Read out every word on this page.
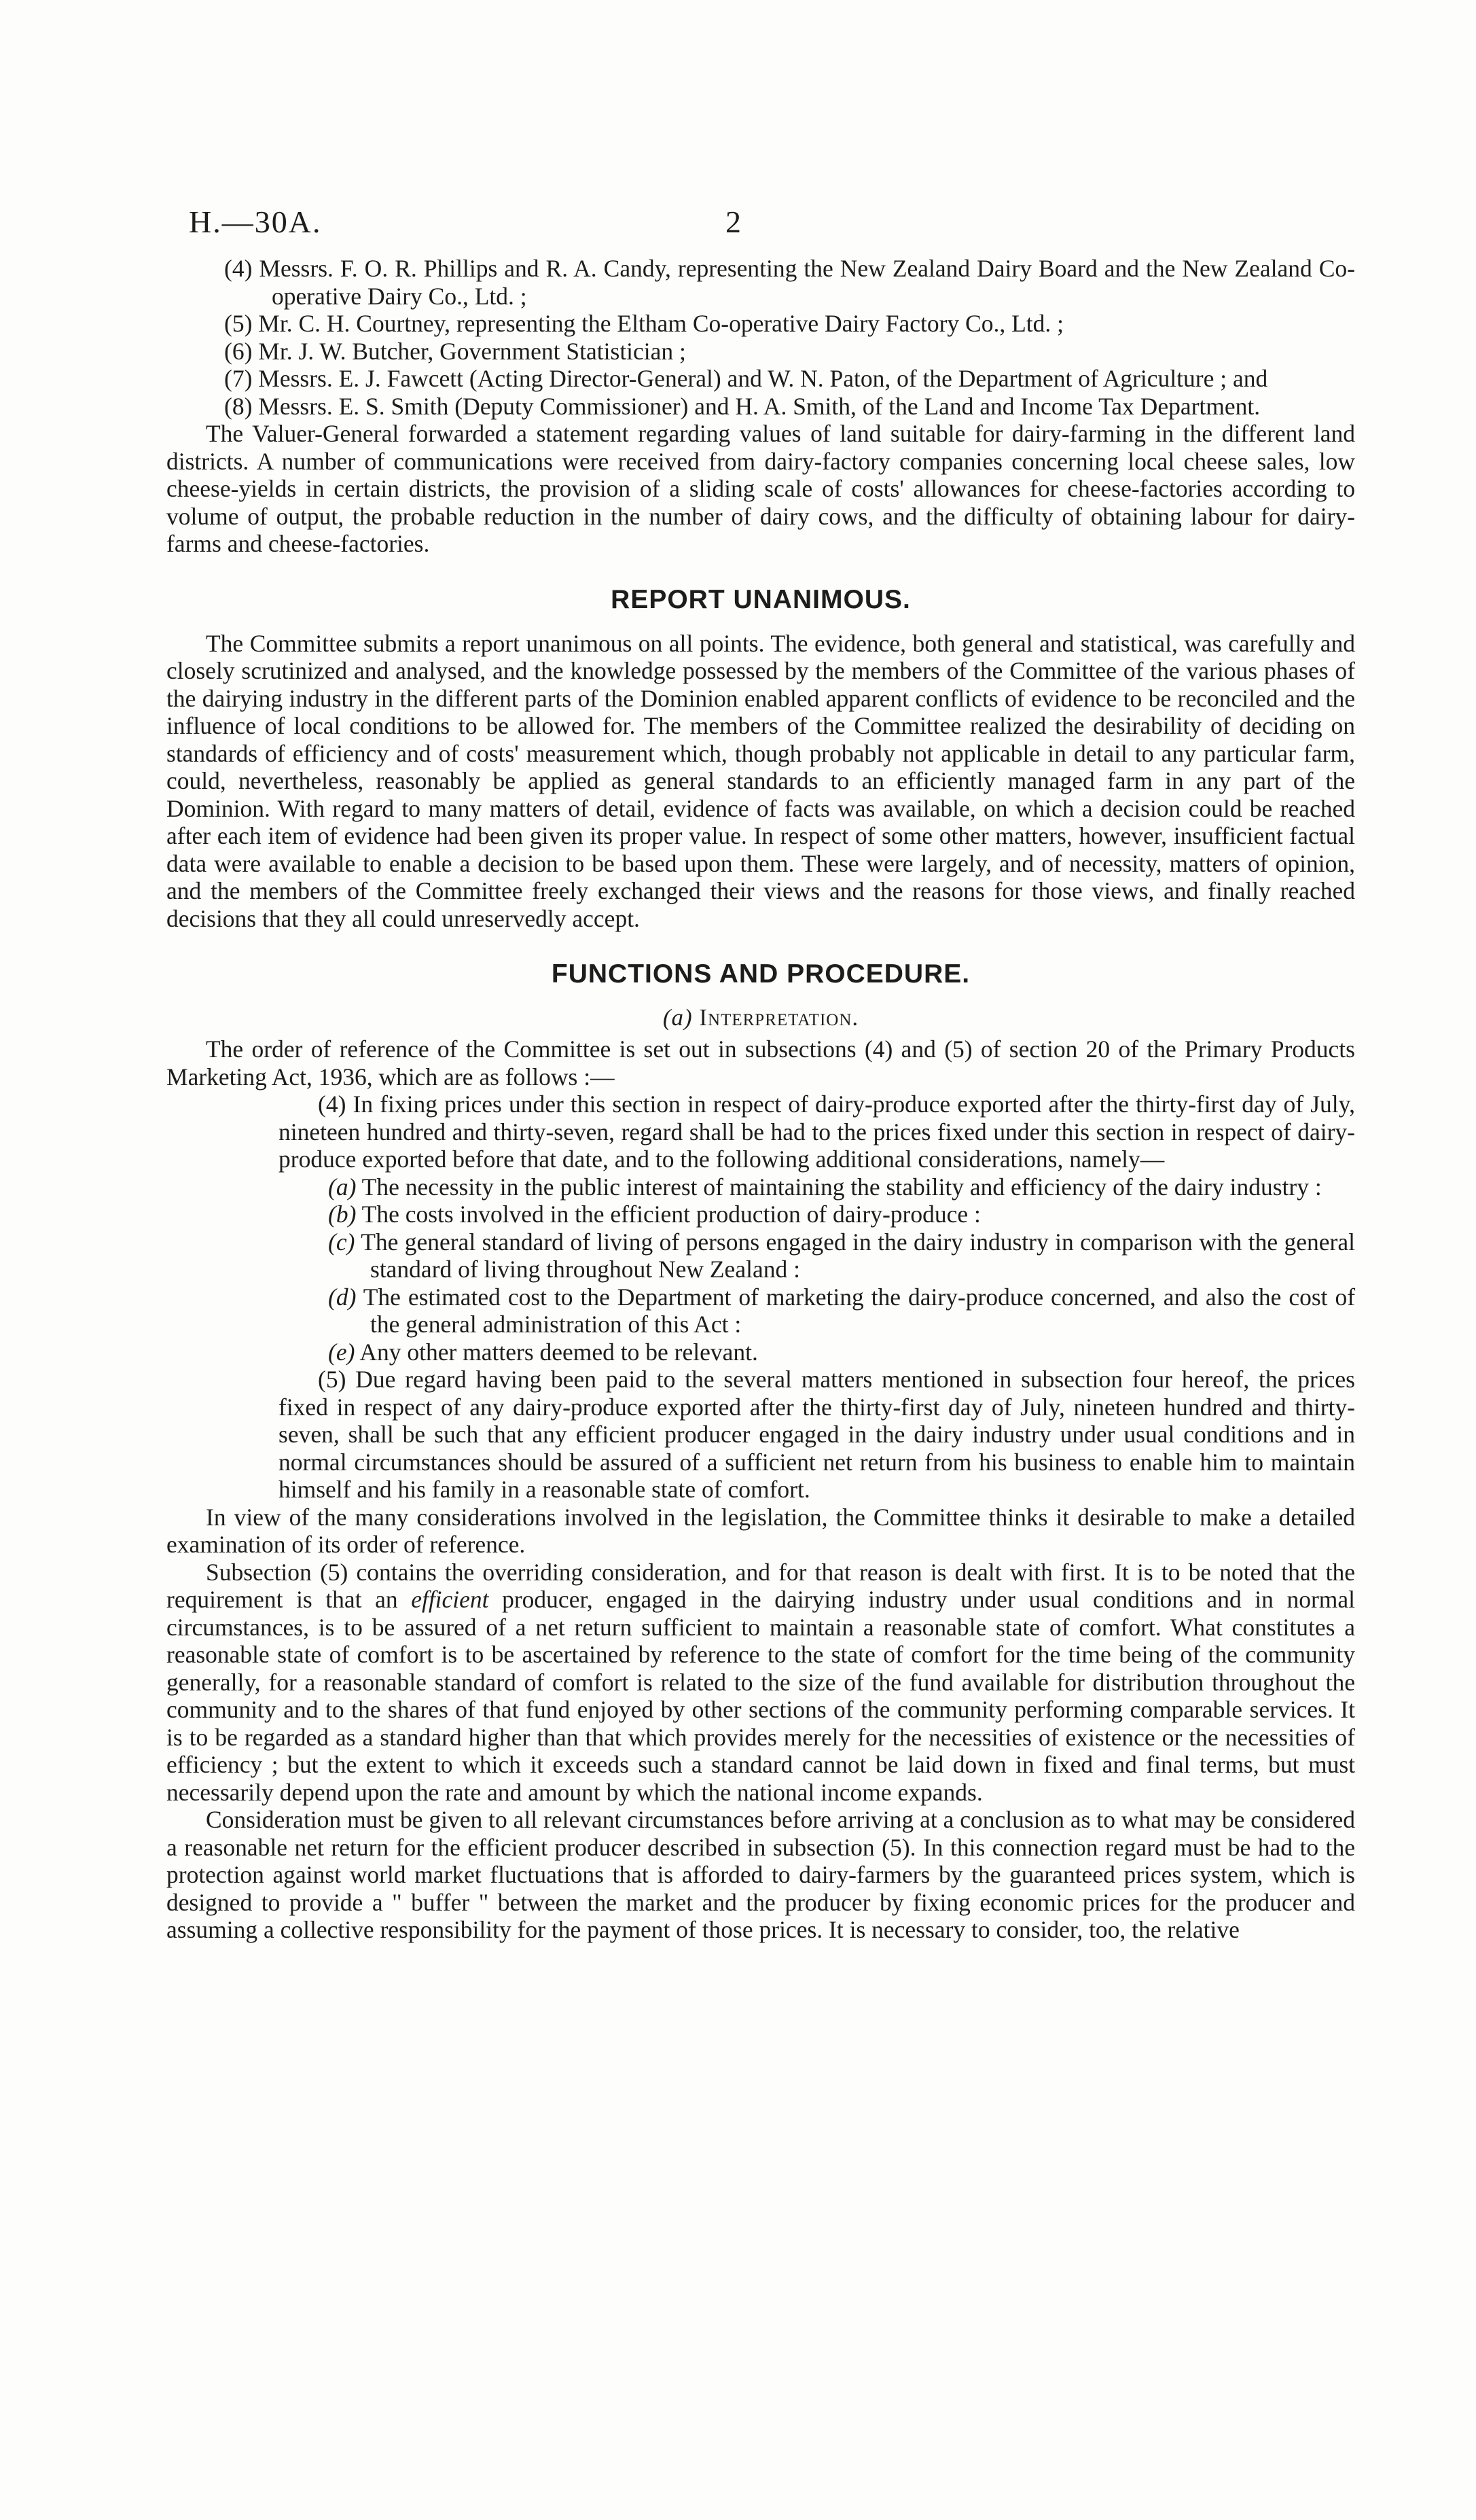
H.—30A.	2
(4) Messrs. F. O. R. Phillips and R. A. Candy, representing the New Zealand Dairy Board and the New Zealand Co-operative Dairy Co., Ltd. ;
(5) Mr. C. H. Courtney, representing the Eltham Co-operative Dairy Factory Co., Ltd. ;
(6) Mr. J. W. Butcher, Government Statistician ;
(7) Messrs. E. J. Fawcett (Acting Director-General) and W. N. Paton, of the Department of Agriculture ; and
(8) Messrs. E. S. Smith (Deputy Commissioner) and H. A. Smith, of the Land and Income Tax Department.

The Valuer-General forwarded a statement regarding values of land suitable for dairy-farming in the different land districts. A number of communications were received from dairy-factory companies concerning local cheese sales, low cheese-yields in certain districts, the provision of a sliding scale of costs' allowances for cheese-factories according to volume of output, the probable reduction in the number of dairy cows, and the difficulty of obtaining labour for dairy-farms and cheese-factories.

REPORT UNANIMOUS.

The Committee submits a report unanimous on all points. The evidence, both general and statistical, was carefully and closely scrutinized and analysed, and the knowledge possessed by the members of the Committee of the various phases of the dairying industry in the different parts of the Dominion enabled apparent conflicts of evidence to be reconciled and the influence of local conditions to be allowed for. The members of the Committee realized the desirability of deciding on standards of efficiency and of costs' measurement which, though probably not applicable in detail to any particular farm, could, nevertheless, reasonably be applied as general standards to an efficiently managed farm in any part of the Dominion. With regard to many matters of detail, evidence of facts was available, on which a decision could be reached after each item of evidence had been given its proper value. In respect of some other matters, however, insufficient factual data were available to enable a decision to be based upon them. These were largely, and of necessity, matters of opinion, and the members of the Committee freely exchanged their views and the reasons for those views, and finally reached decisions that they all could unreservedly accept.

FUNCTIONS AND PROCEDURE.
(a) Interpretation.

The order of reference of the Committee is set out in subsections (4) and (5) of section 20 of the Primary Products Marketing Act, 1936, which are as follows :—

(4) In fixing prices under this section in respect of dairy-produce exported after the thirty-first day of July, nineteen hundred and thirty-seven, regard shall be had to the prices fixed under this section in respect of dairy-produce exported before that date, and to the following additional considerations, namely—

(a) The necessity in the public interest of maintaining the stability and efficiency of the dairy industry :
(b) The costs involved in the efficient production of dairy-produce :
(c) The general standard of living of persons engaged in the dairy industry in comparison with the general standard of living throughout New Zealand :
(d) The estimated cost to the Department of marketing the dairy-produce concerned, and also the cost of the general administration of this Act :
(e) Any other matters deemed to be relevant.

(5) Due regard having been paid to the several matters mentioned in subsection four hereof, the prices fixed in respect of any dairy-produce exported after the thirty-first day of July, nineteen hundred and thirty-seven, shall be such that any efficient producer engaged in the dairy industry under usual conditions and in normal circumstances should be assured of a sufficient net return from his business to enable him to maintain himself and his family in a reasonable state of comfort.

In view of the many considerations involved in the legislation, the Committee thinks it desirable to make a detailed examination of its order of reference.

Subsection (5) contains the overriding consideration, and for that reason is dealt with first. It is to be noted that the requirement is that an efficient producer, engaged in the dairying industry under usual conditions and in normal circumstances, is to be assured of a net return sufficient to maintain a reasonable state of comfort. What constitutes a reasonable state of comfort is to be ascertained by reference to the state of comfort for the time being of the community generally, for a reasonable standard of comfort is related to the size of the fund available for distribution throughout the community and to the shares of that fund enjoyed by other sections of the community performing comparable services. It is to be regarded as a standard higher than that which provides merely for the necessities of existence or the necessities of efficiency ; but the extent to which it exceeds such a standard cannot be laid down in fixed and final terms, but must necessarily depend upon the rate and amount by which the national income expands.

Consideration must be given to all relevant circumstances before arriving at a conclusion as to what may be considered a reasonable net return for the efficient producer described in subsection (5). In this connection regard must be had to the protection against world market fluctuations that is afforded to dairy-farmers by the guaranteed prices system, which is designed to provide a " buffer " between the market and the producer by fixing economic prices for the producer and assuming a collective responsibility for the payment of those prices. It is necessary to consider, too, the relative
